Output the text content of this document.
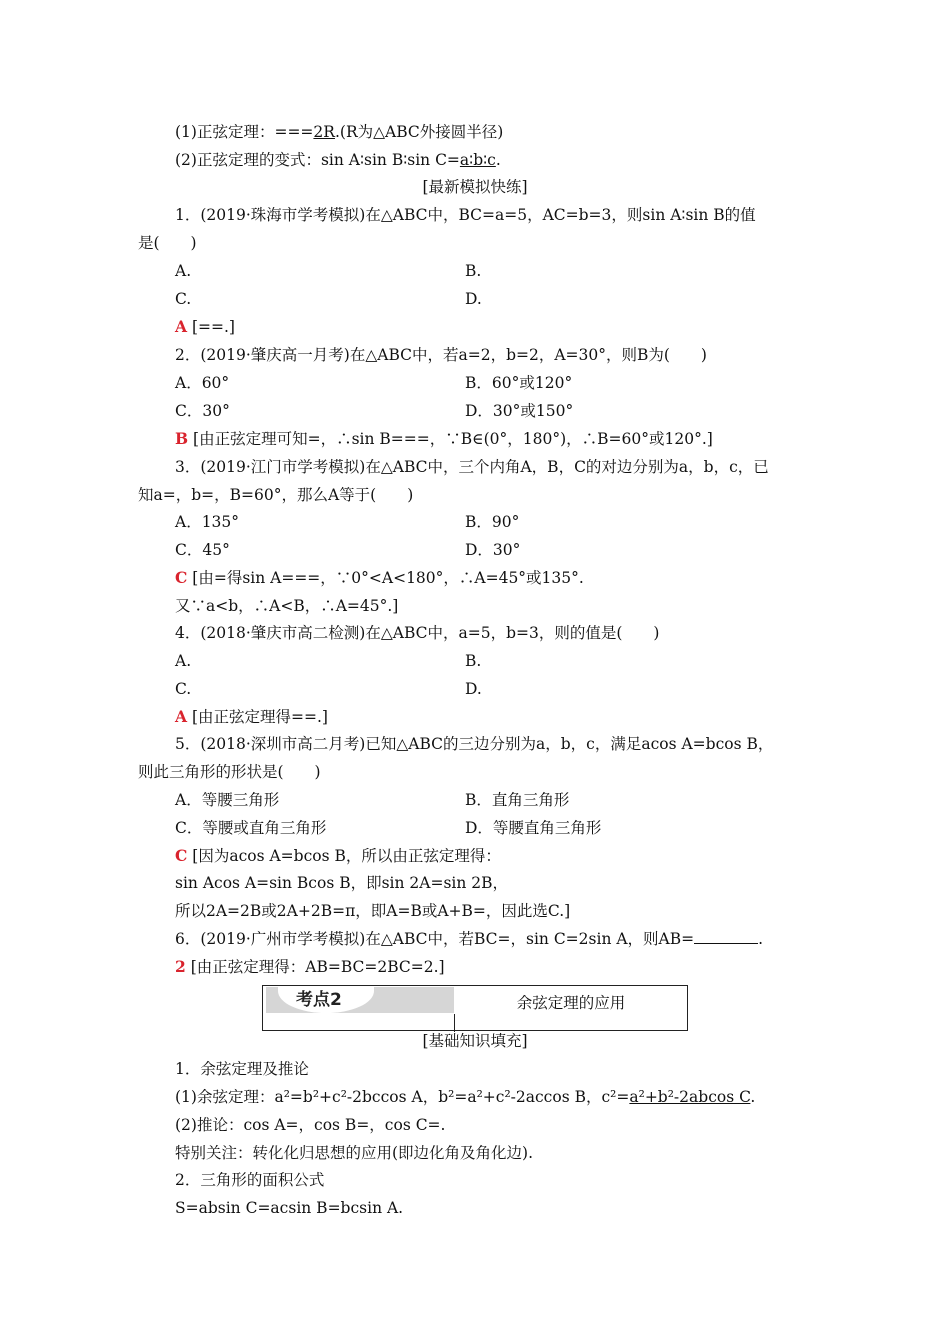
(1)正弦定理：===2R.(R为△ABC外接圆半径)
(2)正弦定理的变式：sin A∶sin B∶sin C=a∶b∶c.
[最新模拟快练]
1．(2019·珠海市学考模拟)在△ABC中，BC=a=5，AC=b=3，则sin A∶sin B的值
是(　　)
A.	B.
C.	D.
A [==.]
2．(2019·肇庆高一月考)在△ABC中，若a=2，b=2，A=30°，则B为(　　)
A．60°	B．60°或120°
C．30°	D．30°或150°
B [由正弦定理可知=，∴sin B===，∵B∈(0°，180°)，∴B=60°或120°.]
3．(2019·江门市学考模拟)在△ABC中，三个内角A，B，C的对边分别为a，b，c，已
知a=，b=，B=60°，那么A等于(　　)
A．135°	B．90°
C．45°	D．30°
C [由=得sin A===，∵0°<A<180°，∴A=45°或135°.
又∵a<b，∴A<B，∴A=45°.]
4．(2018·肇庆市高二检测)在△ABC中，a=5，b=3，则的值是(　　)
A.	B.
C.	D.
A [由正弦定理得==.]
5．(2018·深圳市高二月考)已知△ABC的三边分别为a，b，c，满足acos A=bcos B，
则此三角形的形状是(　　)
A．等腰三角形	B．直角三角形
C．等腰或直角三角形	D．等腰直角三角形
C [因为acos A=bcos B，所以由正弦定理得：
sin Acos A=sin Bcos B，即sin 2A=sin 2B，
所以2A=2B或2A+2B=π，即A=B或A+B=，因此选C.]
6．(2019·广州市学考模拟)在△ABC中，若BC=，sin C=2sin A，则AB=	.
2 [由正弦定理得：AB=BC=2BC=2.]
考点2	余弦定理的应用
[基础知识填充]
1．余弦定理及推论
(1)余弦定理：a²=b²+c²-2bccos A，b²=a²+c²-2accos B，c²=a²+b²-2abcos C.
(2)推论：cos A=，cos B=，cos C=.
特别关注：转化化归思想的应用(即边化角及角化边).
2．三角形的面积公式
S=absin C=acsin B=bcsin A.
